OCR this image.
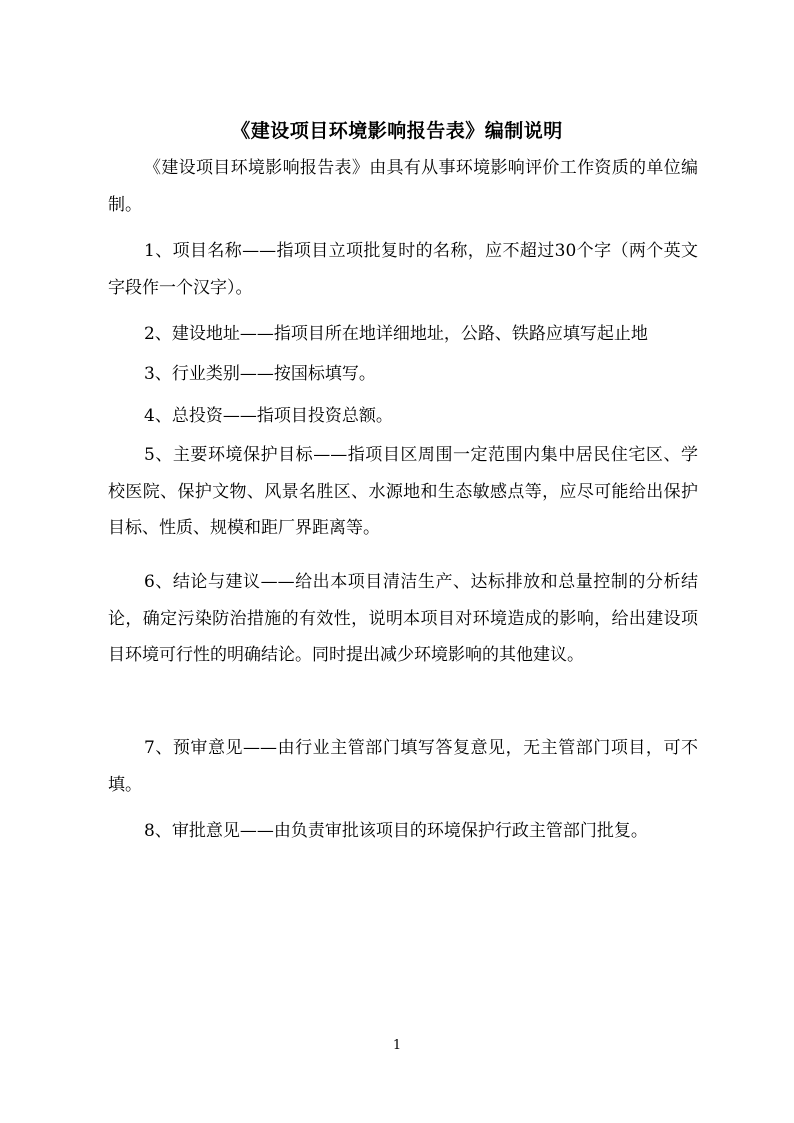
《建设项目环境影响报告表》编制说明
《建设项目环境影响报告表》由具有从事环境影响评价工作资质的单位编制。
1、项目名称——指项目立项批复时的名称，应不超过30个字（两个英文字段作一个汉字）。
2、建设地址——指项目所在地详细地址，公路、铁路应填写起止地
3、行业类别——按国标填写。
4、总投资——指项目投资总额。
5、主要环境保护目标——指项目区周围一定范围内集中居民住宅区、学校医院、保护文物、风景名胜区、水源地和生态敏感点等，应尽可能给出保护目标、性质、规模和距厂界距离等。
6、结论与建议——给出本项目清洁生产、达标排放和总量控制的分析结论，确定污染防治措施的有效性，说明本项目对环境造成的影响，给出建设项目环境可行性的明确结论。同时提出减少环境影响的其他建议。
7、预审意见——由行业主管部门填写答复意见，无主管部门项目，可不填。
8、审批意见——由负责审批该项目的环境保护行政主管部门批复。
1
